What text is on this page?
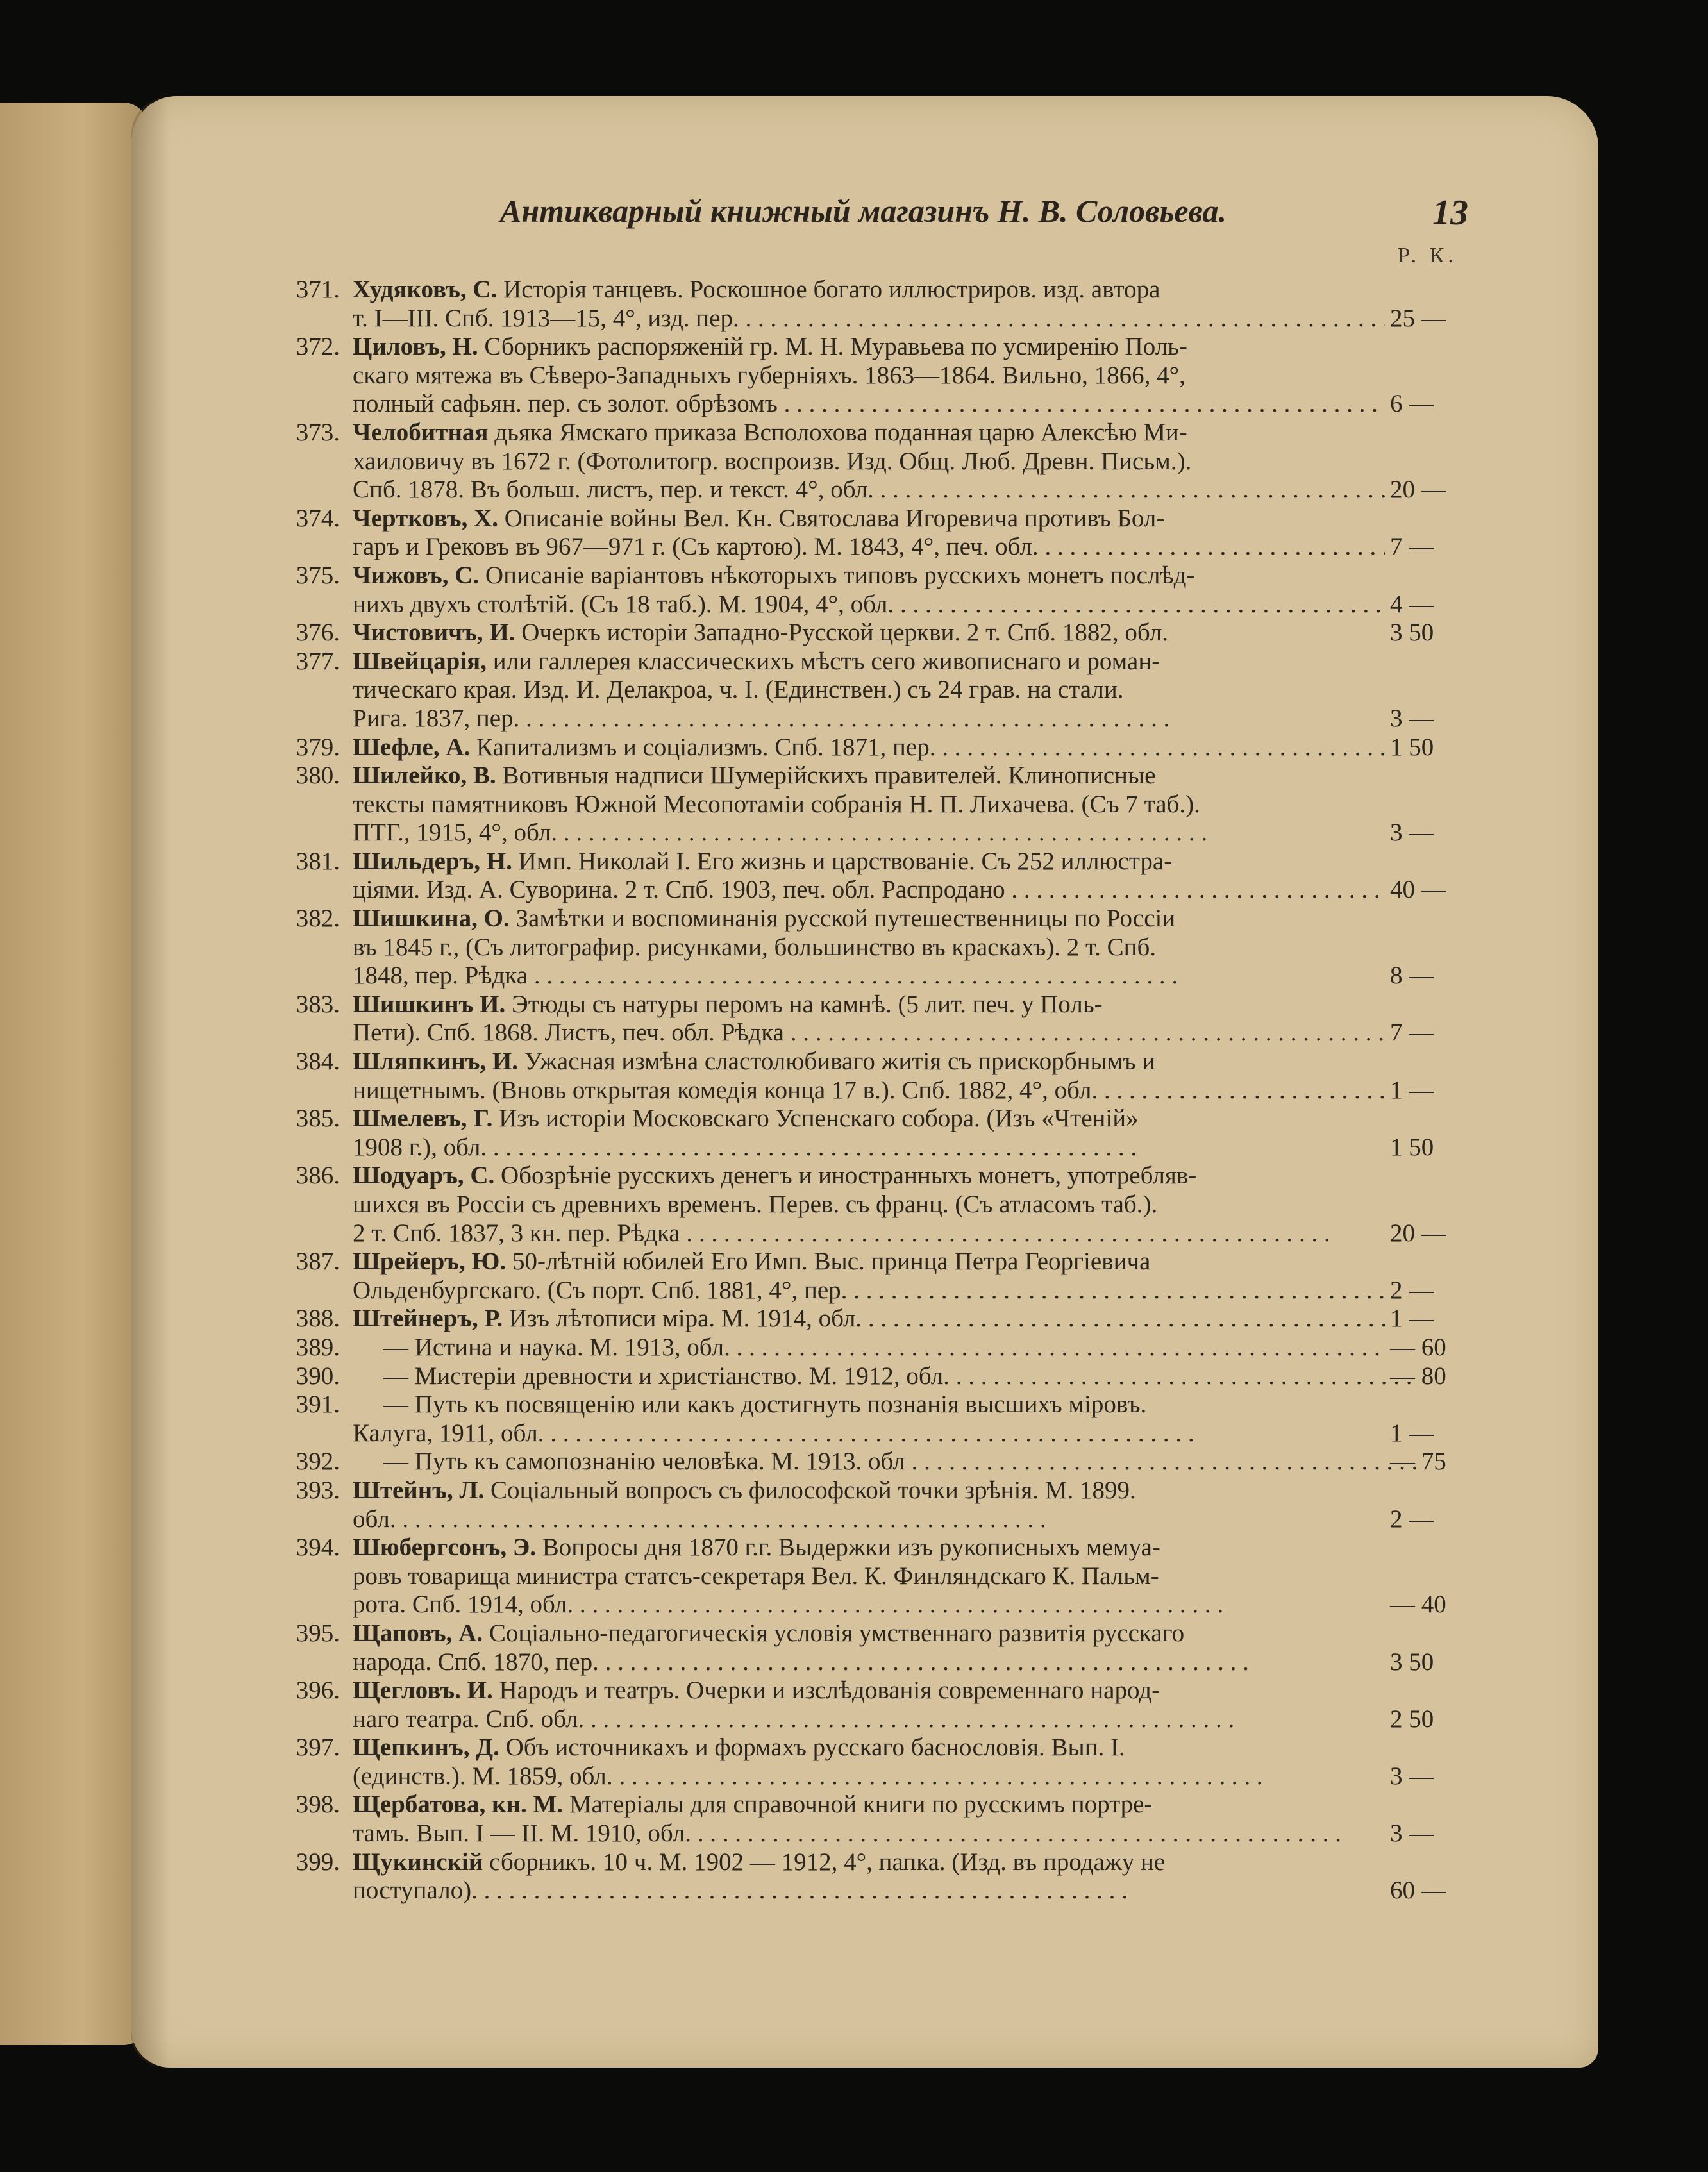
Антикварный книжный магазинъ Н. В. Соловьева.	13
Р. К.
371. Худяковъ, С. Исторія танцевъ. Роскошное богато иллюстриров. изд. автора
т. I—III. Спб. 1913—15, 4°, изд. пер. . . .	25 —
372. Циловъ, Н. Сборникъ распоряженій гр. М. Н. Муравьева по усмиренію Поль-
скаго мятежа въ Сѣверо-Западныхъ губерніяхъ. 1863—1864. Вильно, 1866, 4°,
полный сафьян. пер. съ золот. обрѣзомъ . . .	6 —
373. Челобитная дьяка Ямскаго приказа Всполохова поданная царю Алексѣю Ми-
хаиловичу въ 1672 г. (Фотолитогр. воспроизв. Изд. Общ. Люб. Древн. Письм.).
Спб. 1878. Въ больш. листъ, пер. и текст. 4°, обл. . . .	20 —
374. Чертковъ, Х. Описаніе войны Вел. Кн. Святослава Игоревича противъ Бол-
гаръ и Грековъ въ 967—971 г. (Съ картою). М. 1843, 4°, печ. обл. . . .	7 —
375. Чижовъ, С. Описаніе варіантовъ нѣкоторыхъ типовъ русскихъ монетъ послѣд-
нихъ двухъ столѣтій. (Съ 18 таб.). М. 1904, 4°, обл. . . .	4 —
376. Чистовичъ, И. Очеркъ исторіи Западно-Русской церкви. 2 т. Спб. 1882, обл.	3 50
377. Швейцарія, или галлерея классическихъ мѣстъ сего живописнаго и роман-
тическаго края. Изд. И. Делакроа, ч. I. (Единствен.) съ 24 грав. на стали.
Рига. 1837, пер. . . .	3 —
379. Шефле, А. Капитализмъ и соціализмъ. Спб. 1871, пер. . . .	1 50
380. Шилейко, В. Вотивныя надписи Шумерійскихъ правителей. Клинописные
тексты памятниковъ Южной Месопотаміи собранія Н. П. Лихачева. (Съ 7 таб.).
ПТГ., 1915, 4°, обл. . . .	3 —
381. Шильдеръ, Н. Имп. Николай I. Его жизнь и царствованіе. Съ 252 иллюстра-
ціями. Изд. А. Суворина. 2 т. Спб. 1903, печ. обл. Распродано . . .	40 —
382. Шишкина, О. Замѣтки и воспоминанія русской путешественницы по Россіи
въ 1845 г., (Съ литографир. рисунками, большинство въ краскахъ). 2 т. Спб.
1848, пер. Рѣдка . . .	8 —
383. Шишкинъ И. Этюды съ натуры перомъ на камнѣ. (5 лит. печ. у Поль-
Пети). Спб. 1868. Листъ, печ. обл. Рѣдка . . .	7 —
384. Шляпкинъ, И. Ужасная измѣна сластолюбиваго житія съ прискорбнымъ и
нищетнымъ. (Вновь открытая комедія конца 17 в.). Спб. 1882, 4°, обл. . . .	1 —
385. Шмелевъ, Г. Изъ исторіи Московскаго Успенскаго собора. (Изъ «Чтеній»
1908 г.), обл. . . .	1 50
386. Шодуаръ, С. Обозрѣніе русскихъ денегъ и иностранныхъ монетъ, употребляв-
шихся въ Россіи съ древнихъ временъ. Перев. съ франц. (Съ атласомъ таб.).
2 т. Спб. 1837, 3 кн. пер. Рѣдка . . .	20 —
387. Шрейеръ, Ю. 50-лѣтній юбилей Его Имп. Выс. принца Петра Георгіевича
Ольденбургскаго. (Съ порт. Спб. 1881, 4°, пер. . . .	2 —
388. Штейнеръ, Р. Изъ лѣтописи міра. М. 1914, обл. . . .	1 —
389.	— Истина и наука. М. 1913, обл. . . .	— 60
390.	— Мистеріи древности и христіанство. М. 1912, обл. . . .	— 80
391.	— Путь къ посвященію или какъ достигнуть познанія высшихъ міровъ.
Калуга, 1911, обл. . . .	1 —
392.	— Путь къ самопознанію человѣка. М. 1913. обл . . .	— 75
393. Штейнъ, Л. Соціальный вопросъ съ философской точки зрѣнія. М. 1899.
обл. . . .	2 —
394. Шюбергсонъ, Э. Вопросы дня 1870 г.г. Выдержки изъ рукописныхъ мемуа-
ровъ товарища министра статсъ-секретаря Вел. К. Финляндскаго К. Пальм-
рота. Спб. 1914, обл. . . .	— 40
395. Щаповъ, А. Соціально-педагогическія условія умственнаго развитія русскаго
народа. Спб. 1870, пер. . . .	3 50
396. Щегловъ. И. Народъ и театръ. Очерки и изслѣдованія современнаго народ-
наго театра. Спб. обл. . . .	2 50
397. Щепкинъ, Д. Объ источникахъ и формахъ русскаго баснословія. Вып. I.
(единств.). М. 1859, обл. . . .	3 —
398. Щербатова, кн. М. Матеріалы для справочной книги по русскимъ портре-
тамъ. Вып. I — II. М. 1910, обл. . . .	3 —
399. Щукинскій сборникъ. 10 ч. М. 1902 — 1912, 4°, папка. (Изд. въ продажу не
поступало). . . .	60 —
